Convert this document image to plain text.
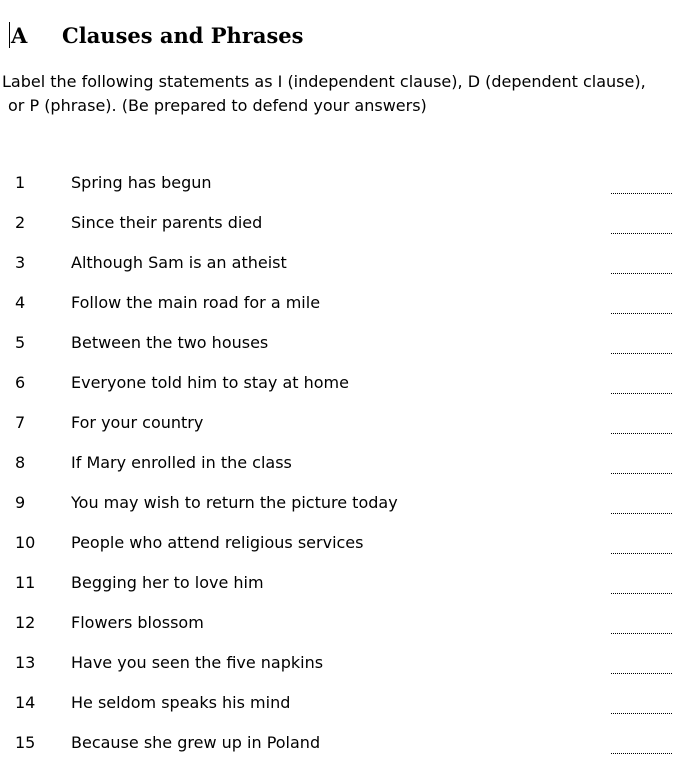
A Clauses and Phrases
Label the following statements as I (independent clause), D (dependent clause),
or P (phrase). (Be prepared to defend your answers)
1	Spring has begun
2	Since their parents died
3	Although Sam is an atheist
4	Follow the main road for a mile
5	Between the two houses
6	Everyone told him to stay at home
7	For your country
8	If Mary enrolled in the class
9	You may wish to return the picture today
10 People who attend religious services
11 Begging her to love him
12 Flowers blossom
13 Have you seen the five napkins
14 He seldom speaks his mind
15 Because she grew up in Poland
